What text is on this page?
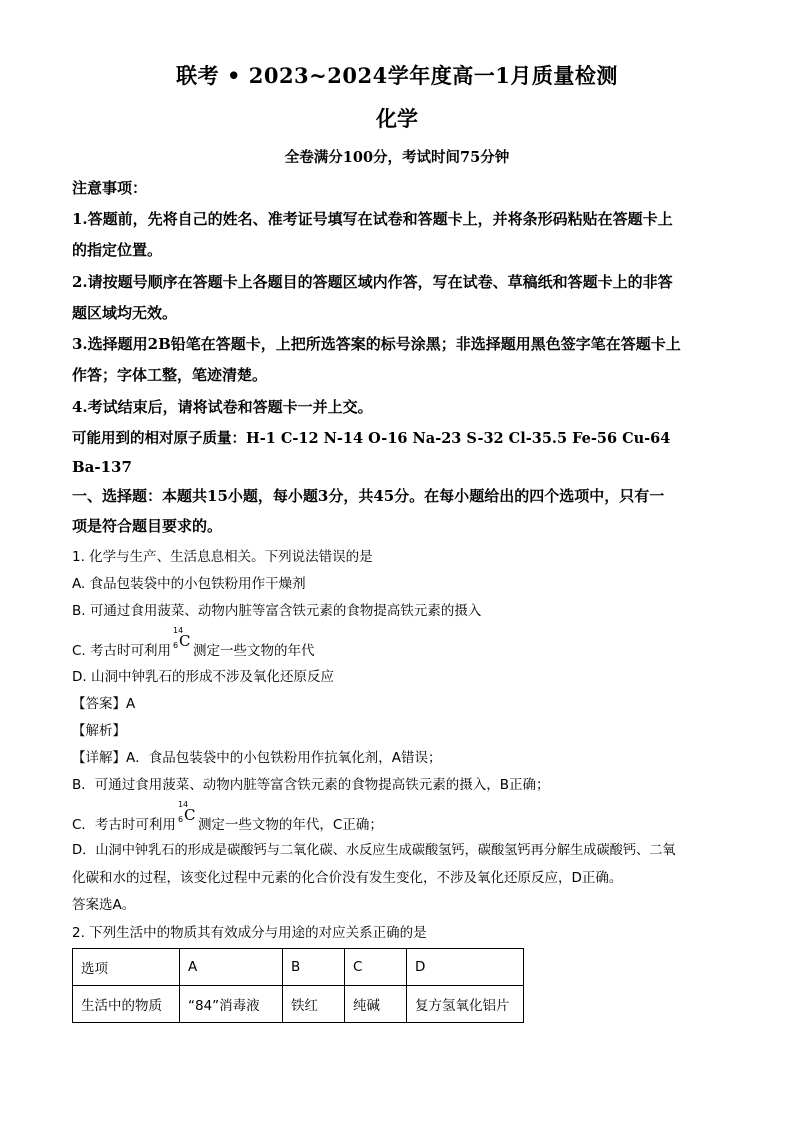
联考 • 2023~2024学年度高一1月质量检测
化学
全卷满分100分，考试时间75分钟
注意事项：
1.答题前，先将自己的姓名、准考证号填写在试卷和答题卡上，并将条形码粘贴在答题卡上
的指定位置。
2.请按题号顺序在答题卡上各题目的答题区域内作答，写在试卷、草稿纸和答题卡上的非答
题区域均无效。
3.选择题用2B铅笔在答题卡，上把所选答案的标号涂黑；非选择题用黑色签字笔在答题卡上
作答；字体工整，笔迹清楚。
4.考试结束后，请将试卷和答题卡一并上交。
可能用到的相对原子质量：H-1 C-12 N-14 O-16 Na-23 S-32 Cl-35.5 Fe-56 Cu-64
Ba-137
一、选择题：本题共15小题，每小题3分，共45分。在每小题给出的四个选项中，只有一
项是符合题目要求的。
1. 化学与生产、生活息息相关。下列说法错误的是
A. 食品包装袋中的小包铁粉用作干燥剂
B. 可通过食用菠菜、动物内脏等富含铁元素的食物提高铁元素的摄入
C. 考古时可利用
14
6 C
测定一些文物的年代
D. 山洞中钟乳石的形成不涉及氧化还原反应
【答案】A
【解析】
【详解】A．食品包装袋中的小包铁粉用作抗氧化剂，A错误；
B．可通过食用菠菜、动物内脏等富含铁元素的食物提高铁元素的摄入，B正确；
C．考古时可利用
14
6 C
测定一些文物的年代，C正确；
D．山洞中钟乳石的形成是碳酸钙与二氧化碳、水反应生成碳酸氢钙，碳酸氢钙再分解生成碳酸钙、二氧
化碳和水的过程，该变化过程中元素的化合价没有发生变化，不涉及氧化还原反应，D正确。
答案选A。
2. 下列生活中的物质其有效成分与用途的对应关系正确的是
选项	A	B	C	D
生活中的物质	“84”消毒液	铁红	纯碱	复方氢氧化铝片
